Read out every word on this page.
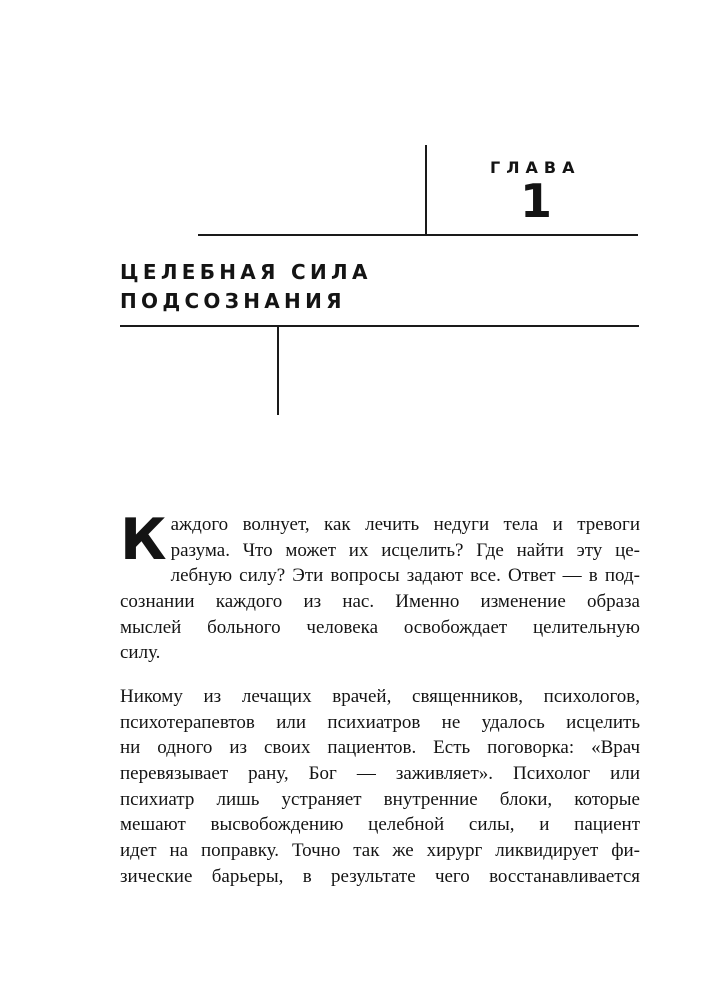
ГЛАВА
1
ЦЕЛЕБНАЯ СИЛА
ПОДСОЗНАНИЯ
К аждого волнует, как лечить недуги тела и тревоги
разума. Что может их исцелить? Где найти эту це-
лебную силу? Эти вопросы задают все. Ответ — в под-
сознании каждого из нас. Именно изменение образа
мыслей больного человека освобождает целительную
силу.
Никому из лечащих врачей, священников, психологов,
психотерапевтов или психиатров не удалось исцелить
ни одного из своих пациентов. Есть поговорка: «Врач
перевязывает рану, Бог — заживляет». Психолог или
психиатр лишь устраняет внутренние блоки, которые
мешают высвобождению целебной силы, и пациент
идет на поправку. Точно так же хирург ликвидирует фи-
зические барьеры, в результате чего восстанавливается
